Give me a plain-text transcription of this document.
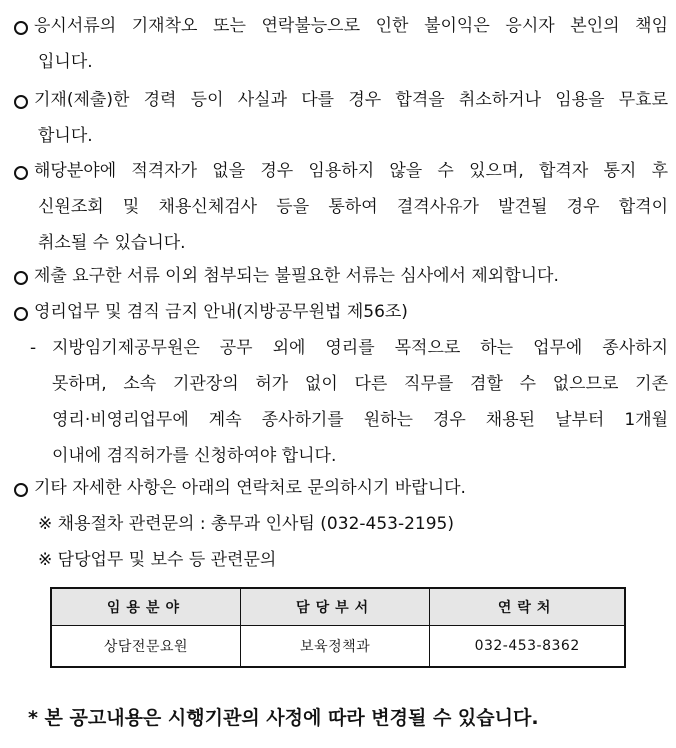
응시서류의 기재착오 또는 연락불능으로 인한 불이익은 응시자 본인의 책임
입니다.
기재(제출)한 경력 등이 사실과 다를 경우 합격을 취소하거나 임용을 무효로
합니다.
해당분야에 적격자가 없을 경우 임용하지 않을 수 있으며, 합격자 통지 후
신원조회 및 채용신체검사 등을 통하여 결격사유가 발견될 경우 합격이
취소될 수 있습니다.
제출 요구한 서류 이외 첨부되는 불필요한 서류는 심사에서 제외합니다.
영리업무 및 겸직 금지 안내(지방공무원법 제56조)
- 지방임기제공무원은 공무 외에 영리를 목적으로 하는 업무에 종사하지
못하며, 소속 기관장의 허가 없이 다른 직무를 겸할 수 없으므로 기존
영리·비영리업무에 계속 종사하기를 원하는 경우 채용된 날부터 1개월
이내에 겸직허가를 신청하여야 합니다.
기타 자세한 사항은 아래의 연락처로 문의하시기 바랍니다.
※ 채용절차 관련문의 : 총무과 인사팀 (032-453-2195)
※ 담당업무 및 보수 등 관련문의
임용분야	담당부서	연락처
상담전문요원	보육정책과	032-453-8362
* 본 공고내용은 시행기관의 사정에 따라 변경될 수 있습니다.
